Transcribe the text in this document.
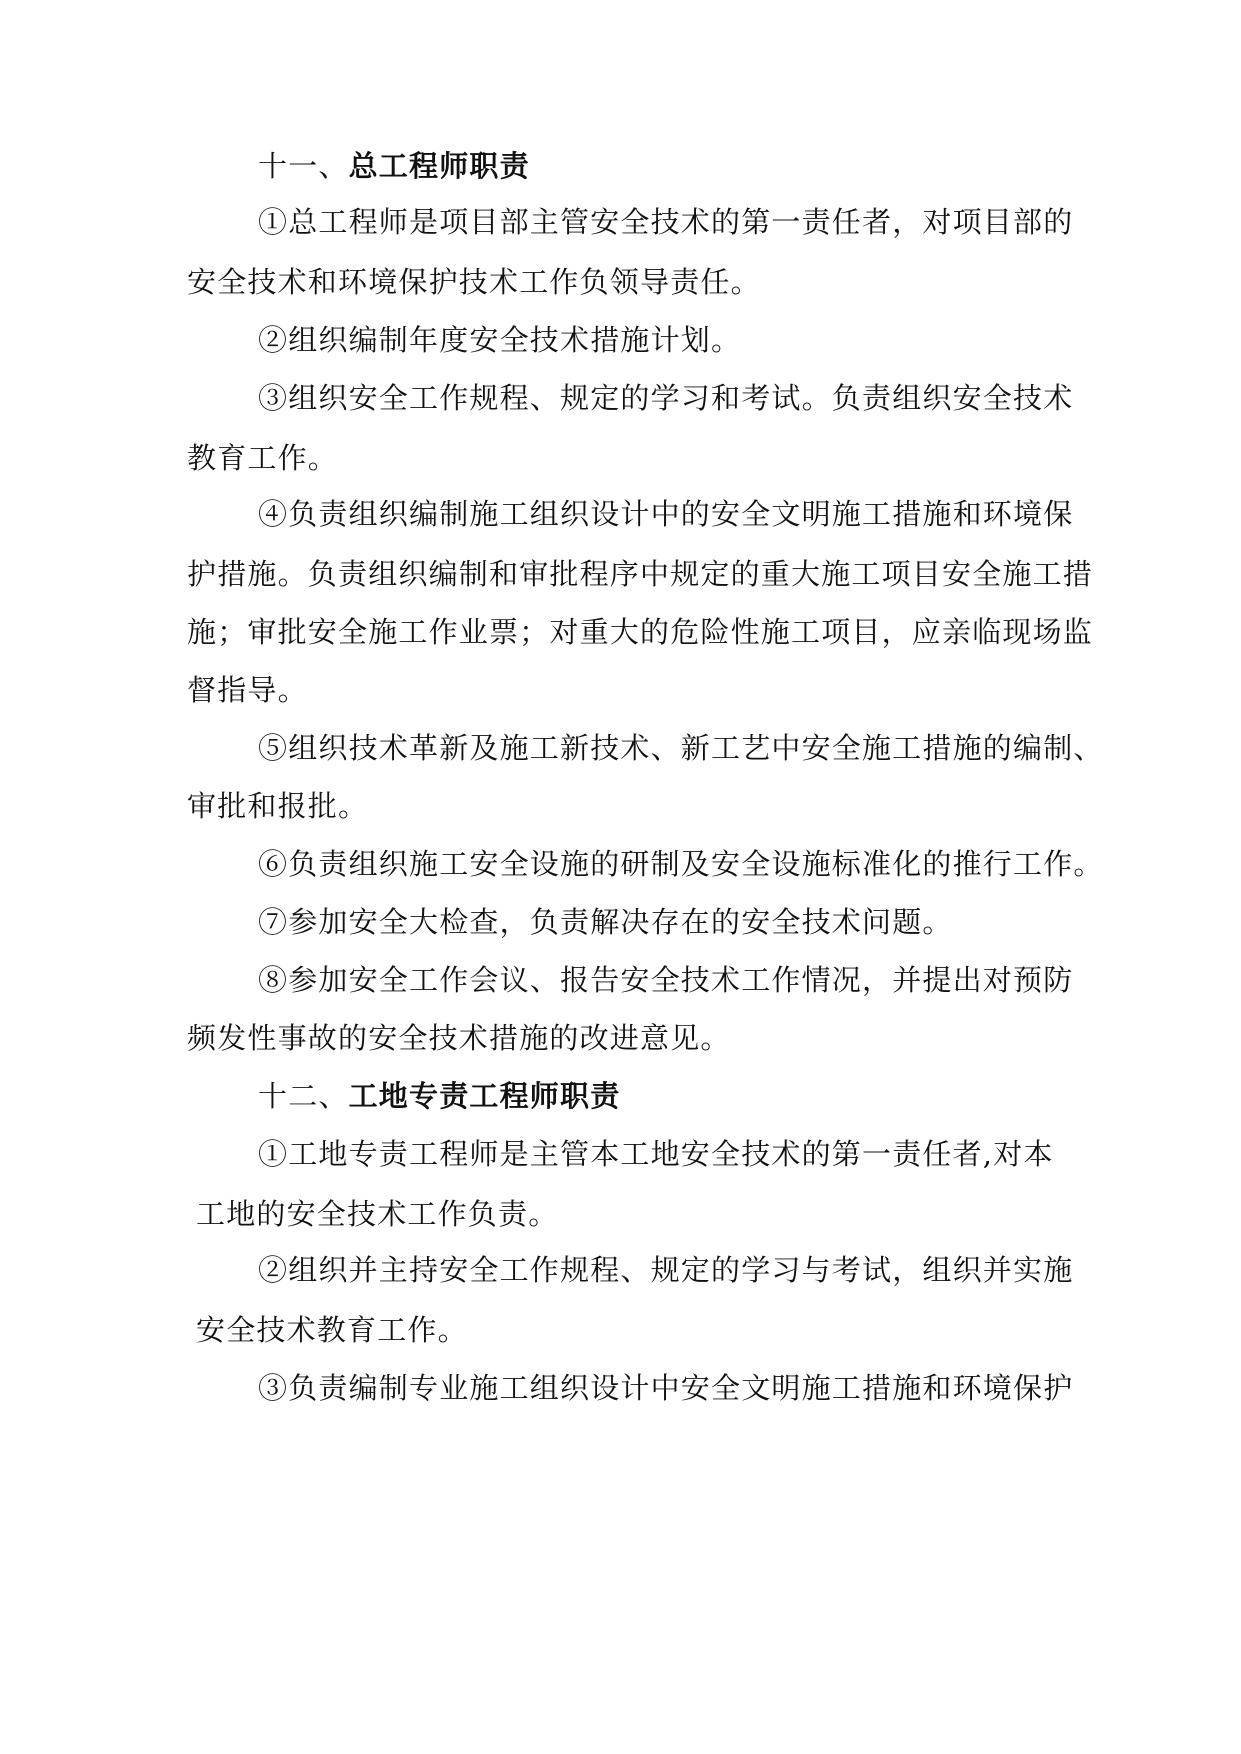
十一、总工程师职责
①总工程师是项目部主管安全技术的第一责任者，对项目部的
安全技术和环境保护技术工作负领导责任。
②组织编制年度安全技术措施计划。
③组织安全工作规程、规定的学习和考试。负责组织安全技术
教育工作。
④负责组织编制施工组织设计中的安全文明施工措施和环境保
护措施。负责组织编制和审批程序中规定的重大施工项目安全施工措
施；审批安全施工作业票；对重大的危险性施工项目，应亲临现场监
督指导。
⑤组织技术革新及施工新技术、新工艺中安全施工措施的编制、
审批和报批。
⑥负责组织施工安全设施的研制及安全设施标准化的推行工作。
⑦参加安全大检查，负责解决存在的安全技术问题。
⑧参加安全工作会议、报告安全技术工作情况，并提出对预防
频发性事故的安全技术措施的改进意见。
十二、工地专责工程师职责
①工地专责工程师是主管本工地安全技术的第一责任者,对本
工地的安全技术工作负责。
②组织并主持安全工作规程、规定的学习与考试，组织并实施
安全技术教育工作。
③负责编制专业施工组织设计中安全文明施工措施和环境保护
